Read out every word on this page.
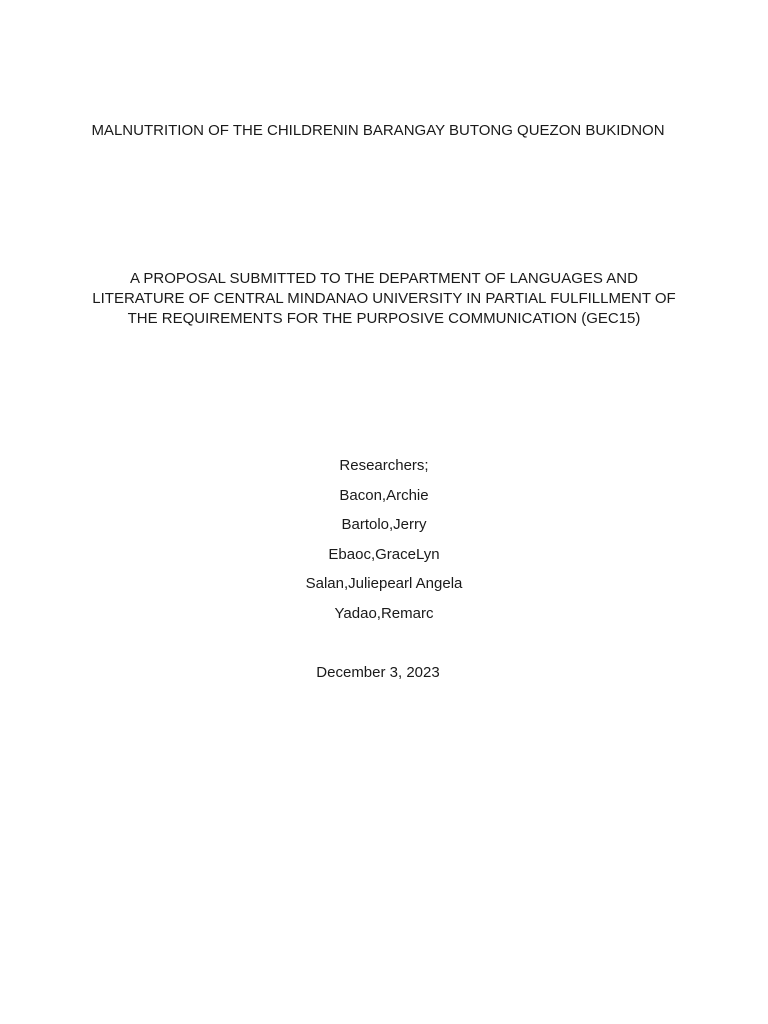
MALNUTRITION OF THE CHILDRENIN BARANGAY BUTONG QUEZON BUKIDNON
A PROPOSAL SUBMITTED TO THE DEPARTMENT OF LANGUAGES AND
LITERATURE OF CENTRAL MINDANAO UNIVERSITY IN PARTIAL FULFILLMENT OF
THE REQUIREMENTS FOR THE PURPOSIVE COMMUNICATION (GEC15)
Researchers;
Bacon,Archie
Bartolo,Jerry
Ebaoc,GraceLyn
Salan,Juliepearl Angela
Yadao,Remarc
December 3, 2023
